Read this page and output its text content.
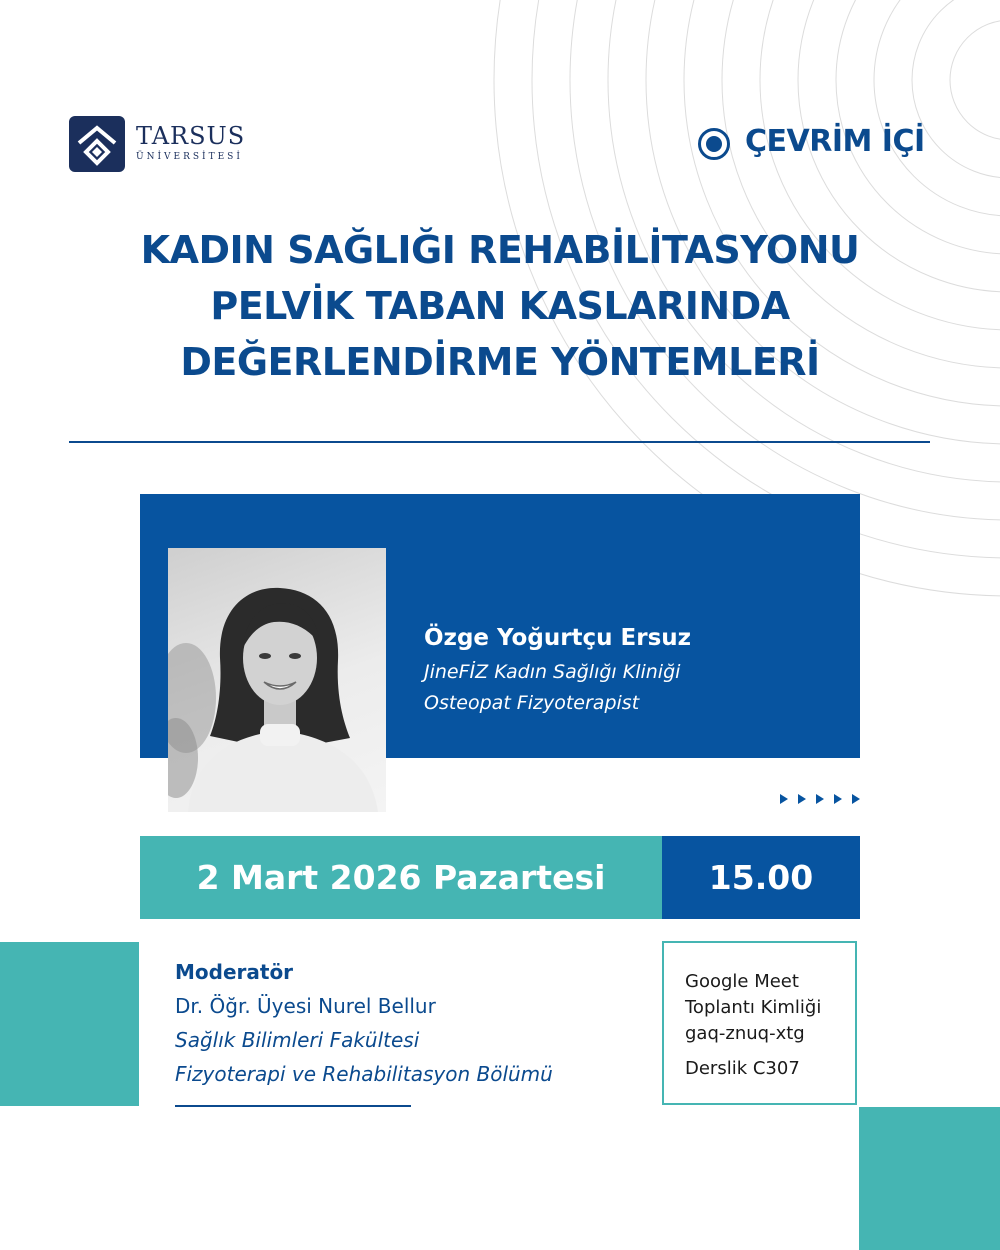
TARSUS
ÜNİVERSİTESİ	ÇEVRİM İÇİ
KADIN SAĞLIĞI REHABİLİTASYONU
PELVİK TABAN KASLARINDA
DEĞERLENDİRME YÖNTEMLERİ
Özge Yoğurtçu Ersuz
JineFİZ Kadın Sağlığı Kliniği
Osteopat Fizyoterapist
2 Mart 2026 Pazartesi	15.00
Moderatör
Dr. Öğr. Üyesi Nurel Bellur
Sağlık Bilimleri Fakültesi
Fizyoterapi ve Rehabilitasyon Bölümü
Google Meet
Toplantı Kimliği
gaq-znuq-xtg
Derslik C307
